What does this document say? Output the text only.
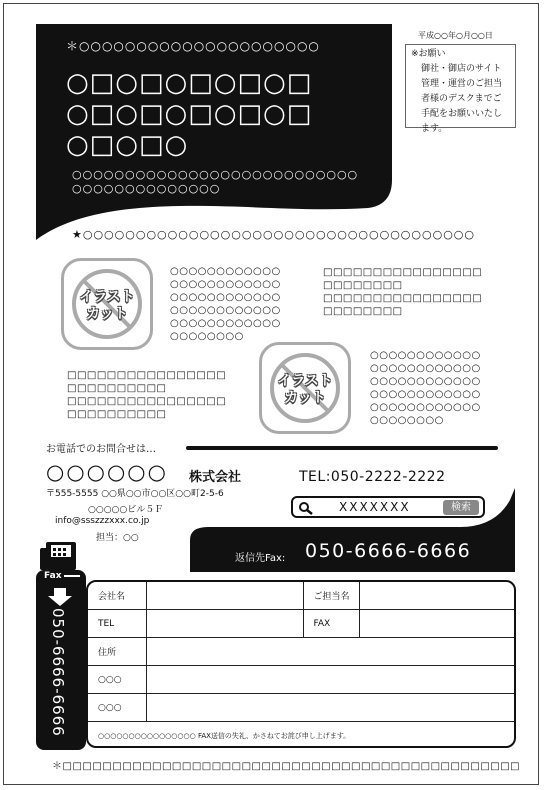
＊○○○○○○○○○○○○○○○○○○○○○
○□○□○□○□○□
○□○□○□○□○□
○□○□○
○○○○○○○○○○○○○○○○○○○○○○○○○○○
○○○○○○○○○○○○○○
平成○○年○月○○日
※お願い
御社・御店のサイト
管理・運営のご担当
者様のデスクまでご
手配をお願いいたし
ます。
★○○○○○○○○○○○○○○○○○○○○○○○○○○○○○○○○○○○○○
イラスト
カット
イラスト
カット
○○○○○○○○○○○○
○○○○○○○○○○○○
○○○○○○○○○○○○
○○○○○○○○○○○○
○○○○○○○○○○○○
○○○○○○○○
□□□□□□□□□□□□□□□□
□□□□□□□□
□□□□□□□□□□□□□□□□
□□□□□□□□
□□□□□□□□□□□□□□□□
□□□□□□□□□□
□□□□□□□□□□□□□□□□
□□□□□□□□□□
○○○○○○○○○○○○
○○○○○○○○○○○○
○○○○○○○○○○○○
○○○○○○○○○○○○
○○○○○○○○○○○○
○○○○○○○○
お電話でのお問合せは…
○○○○○○ 株式会社	TEL:050-2222-2222
〒555-5555 ○○県○○市○○区○○町2-5-6
○○○○○ビル５Ｆ
info@ssszzzxxx.co.jp
担当：○○
返信先Fax: 050-6666-6666
XXXXXXX	検索
Fax
050-6666-6666
会社名		ご担当名	
TEL		FAX	
住所			
○○○			
○○○			
○○○○○○○○○○○○○○○○ FAX送信の失礼、かさねてお詫び申し上げます。			
＊□□□□□□□□□□□□□□□□□□□□□□□□□□□□□□□□□□□□□□□□□□□□□□
